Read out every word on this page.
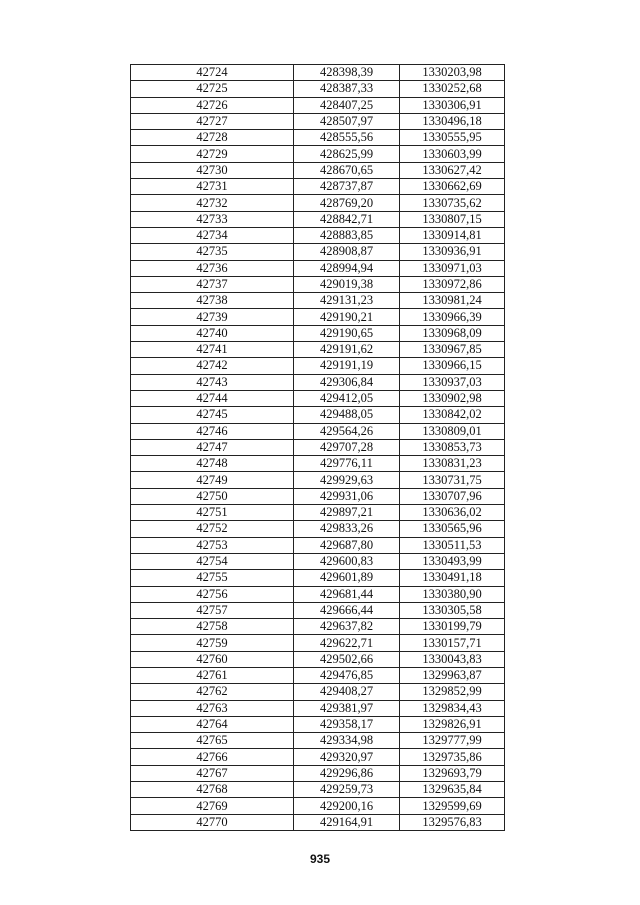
42724	428398,39	1330203,98
42725	428387,33	1330252,68
42726	428407,25	1330306,91
42727	428507,97	1330496,18
42728	428555,56	1330555,95
42729	428625,99	1330603,99
42730	428670,65	1330627,42
42731	428737,87	1330662,69
42732	428769,20	1330735,62
42733	428842,71	1330807,15
42734	428883,85	1330914,81
42735	428908,87	1330936,91
42736	428994,94	1330971,03
42737	429019,38	1330972,86
42738	429131,23	1330981,24
42739	429190,21	1330966,39
42740	429190,65	1330968,09
42741	429191,62	1330967,85
42742	429191,19	1330966,15
42743	429306,84	1330937,03
42744	429412,05	1330902,98
42745	429488,05	1330842,02
42746	429564,26	1330809,01
42747	429707,28	1330853,73
42748	429776,11	1330831,23
42749	429929,63	1330731,75
42750	429931,06	1330707,96
42751	429897,21	1330636,02
42752	429833,26	1330565,96
42753	429687,80	1330511,53
42754	429600,83	1330493,99
42755	429601,89	1330491,18
42756	429681,44	1330380,90
42757	429666,44	1330305,58
42758	429637,82	1330199,79
42759	429622,71	1330157,71
42760	429502,66	1330043,83
42761	429476,85	1329963,87
42762	429408,27	1329852,99
42763	429381,97	1329834,43
42764	429358,17	1329826,91
42765	429334,98	1329777,99
42766	429320,97	1329735,86
42767	429296,86	1329693,79
42768	429259,73	1329635,84
42769	429200,16	1329599,69
42770	429164,91	1329576,83
935
